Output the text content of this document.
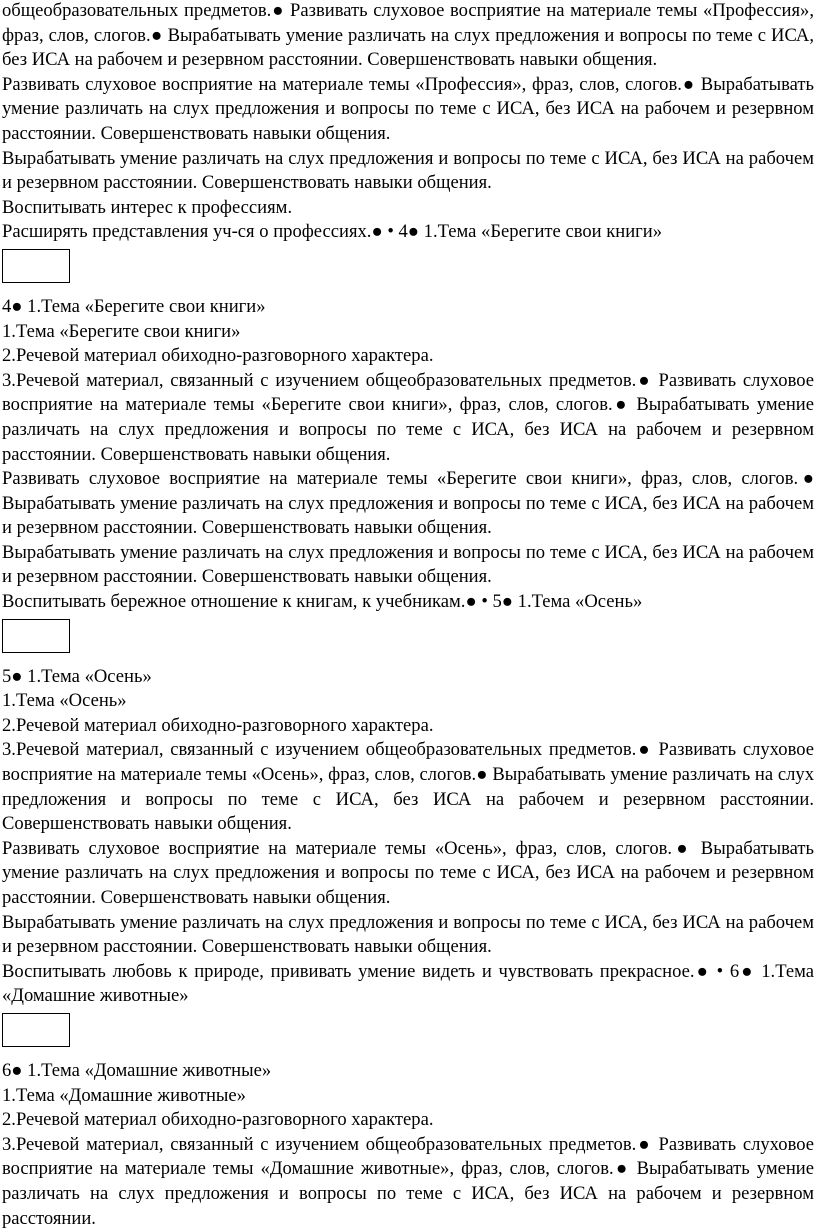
общеобразовательных предметов.● Развивать слуховое восприятие на материале темы «Профессия», фраз, слов, слогов.● Вырабатывать умение различать на слух предложения и вопросы по теме с ИСА, без ИСА на рабочем и резервном расстоянии. Совершенствовать навыки общения.

Развивать слуховое восприятие на материале темы «Профессия», фраз, слов, слогов.● Вырабатывать умение различать на слух предложения и вопросы по теме с ИСА, без ИСА на рабочем и резервном расстоянии. Совершенствовать навыки общения.

Вырабатывать умение различать на слух предложения и вопросы по теме с ИСА, без ИСА на рабочем и резервном расстоянии. Совершенствовать навыки общения.

Воспитывать интерес к профессиям.

Расширять представления уч-ся о профессиях.● • 4● 1.Тема «Берегите свои книги»

4● 1.Тема «Берегите свои книги»

1.Тема «Берегите свои книги»

2.Речевой материал обиходно-разговорного характера.

3.Речевой материал, связанный с изучением общеобразовательных предметов.● Развивать слуховое восприятие на материале темы «Берегите свои книги», фраз, слов, слогов.● Вырабатывать умение различать на слух предложения и вопросы по теме с ИСА, без ИСА на рабочем и резервном расстоянии. Совершенствовать навыки общения.

Развивать слуховое восприятие на материале темы «Берегите свои книги», фраз, слов, слогов.● Вырабатывать умение различать на слух предложения и вопросы по теме с ИСА, без ИСА на рабочем и резервном расстоянии. Совершенствовать навыки общения.

Вырабатывать умение различать на слух предложения и вопросы по теме с ИСА, без ИСА на рабочем и резервном расстоянии. Совершенствовать навыки общения.

Воспитывать бережное отношение к книгам, к учебникам.● • 5● 1.Тема «Осень»

5● 1.Тема «Осень»

1.Тема «Осень»

2.Речевой материал обиходно-разговорного характера.

3.Речевой материал, связанный с изучением общеобразовательных предметов.● Развивать слуховое восприятие на материале темы «Осень», фраз, слов, слогов.● Вырабатывать умение различать на слух предложения и вопросы по теме с ИСА, без ИСА на рабочем и резервном расстоянии. Совершенствовать навыки общения.

Развивать слуховое восприятие на материале темы «Осень», фраз, слов, слогов.● Вырабатывать умение различать на слух предложения и вопросы по теме с ИСА, без ИСА на рабочем и резервном расстоянии. Совершенствовать навыки общения.

Вырабатывать умение различать на слух предложения и вопросы по теме с ИСА, без ИСА на рабочем и резервном расстоянии. Совершенствовать навыки общения.

Воспитывать любовь к природе, прививать умение видеть и чувствовать прекрасное.● • 6● 1.Тема «Домашние животные»

6● 1.Тема «Домашние животные»

1.Тема «Домашние животные»

2.Речевой материал обиходно-разговорного характера.

3.Речевой материал, связанный с изучением общеобразовательных предметов.● Развивать слуховое восприятие на материале темы «Домашние животные», фраз, слов, слогов.● Вырабатывать умение различать на слух предложения и вопросы по теме с ИСА, без ИСА на рабочем и резервном расстоянии.
